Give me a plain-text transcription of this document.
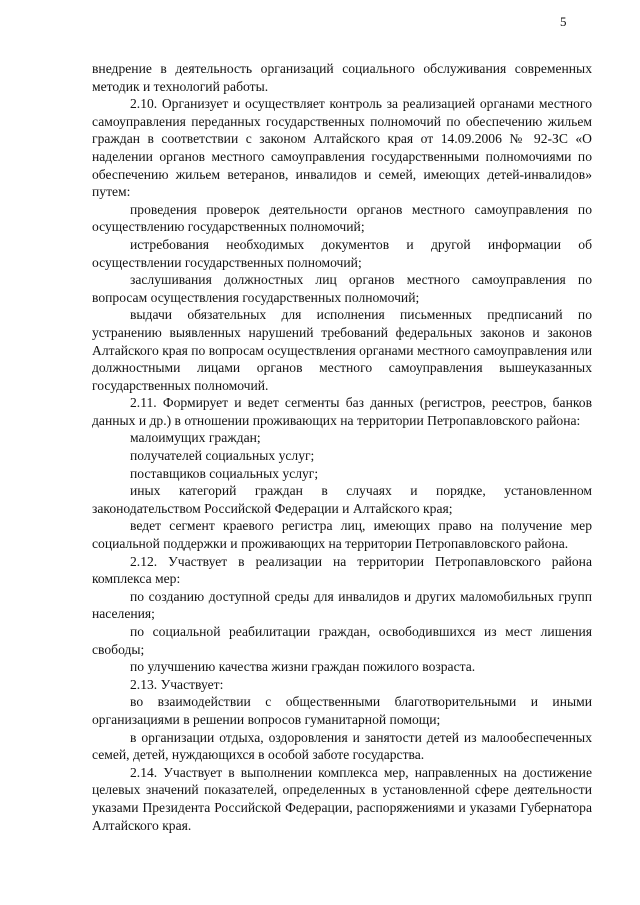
5

внедрение в деятельность организаций социального обслуживания современных методик и технологий работы.

2.10. Организует и осуществляет контроль за реализацией органами местного самоуправления переданных государственных полномочий по обеспечению жильем граждан в соответствии с законом Алтайского края от 14.09.2006 № 92-ЗС «О наделении органов местного самоуправления государственными полномочиями по обеспечению жильем ветеранов, инвалидов и семей, имеющих детей-инвалидов» путем:

проведения проверок деятельности органов местного самоуправления по осуществлению государственных полномочий;

истребования необходимых документов и другой информации об осуществлении государственных полномочий;

заслушивания должностных лиц органов местного самоуправления по вопросам осуществления государственных полномочий;

выдачи обязательных для исполнения письменных предписаний по устранению выявленных нарушений требований федеральных законов и законов Алтайского края по вопросам осуществления органами местного самоуправления или должностными лицами органов местного самоуправления вышеуказанных государственных полномочий.

2.11. Формирует и ведет сегменты баз данных (регистров, реестров, банков данных и др.) в отношении проживающих на территории Петропавловского района:

малоимущих граждан;

получателей социальных услуг;

поставщиков социальных услуг;

иных категорий граждан в случаях и порядке, установленном законодательством Российской Федерации и Алтайского края;

ведет сегмент краевого регистра лиц, имеющих право на получение мер социальной поддержки и проживающих на территории Петропавловского района.

2.12. Участвует в реализации на территории Петропавловского района комплекса мер:

по созданию доступной среды для инвалидов и других маломобильных групп населения;

по социальной реабилитации граждан, освободившихся из мест лишения свободы;

по улучшению качества жизни граждан пожилого возраста.

2.13. Участвует:

во взаимодействии с общественными благотворительными и иными организациями в решении вопросов гуманитарной помощи;

в организации отдыха, оздоровления и занятости детей из малообеспеченных семей, детей, нуждающихся в особой заботе государства.

2.14. Участвует в выполнении комплекса мер, направленных на достижение целевых значений показателей, определенных в установленной сфере деятельности указами Президента Российской Федерации, распоряжениями и указами Губернатора Алтайского края.
